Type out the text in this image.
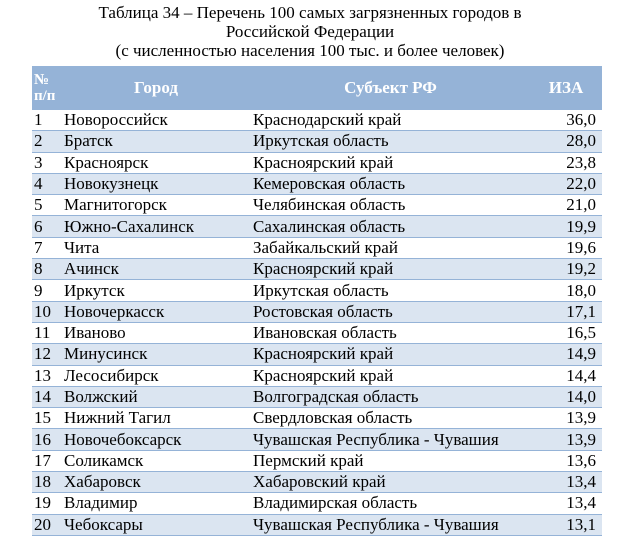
Таблица 34 – Перечень 100 самых загрязненных городов в
Российской Федерации
(с численностью населения 100 тыс. и более человек)
№
п/п	Город	Субъект РФ	ИЗА
1	Новороссийск	Краснодарский край	36,0
2	Братск	Иркутская область	28,0
3	Красноярск	Красноярский край	23,8
4	Новокузнецк	Кемеровская область	22,0
5	Магнитогорск	Челябинская область	21,0
6	Южно-Сахалинск	Сахалинская область	19,9
7	Чита	Забайкальский край	19,6
8	Ачинск	Красноярский край	19,2
9	Иркутск	Иркутская область	18,0
10	Новочеркасск	Ростовская область	17,1
11	Иваново	Ивановская область	16,5
12	Минусинск	Красноярский край	14,9
13	Лесосибирск	Красноярский край	14,4
14	Волжский	Волгоградская область	14,0
15	Нижний Тагил	Свердловская область	13,9
16	Новочебоксарск	Чувашская Республика - Чувашия	13,9
17	Соликамск	Пермский край	13,6
18	Хабаровск	Хабаровский край	13,4
19	Владимир	Владимирская область	13,4
20	Чебоксары	Чувашская Республика - Чувашия	13,1
